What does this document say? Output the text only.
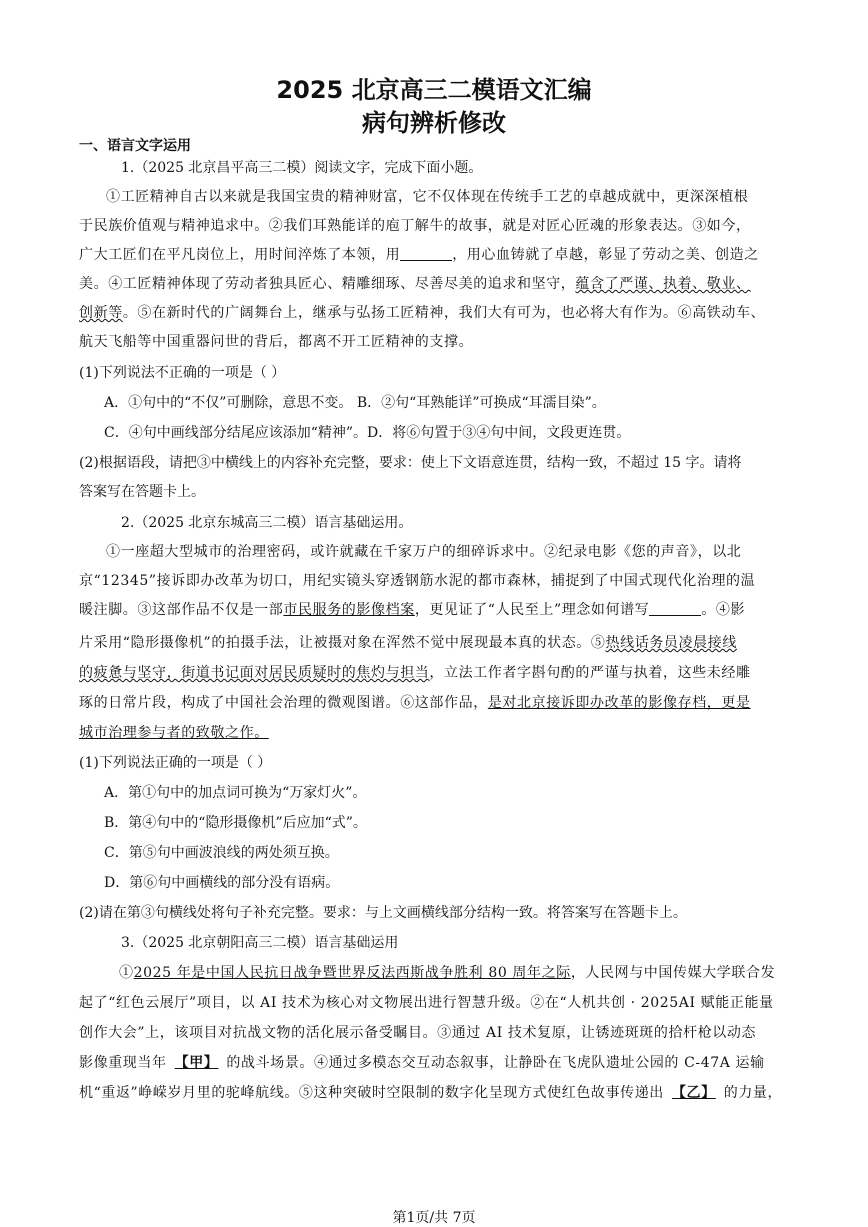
2025 北京高三二模语文汇编
病句辨析修改
一、语言文字运用
1.（2025 北京昌平高三二模）阅读文字，完成下面小题。
①工匠精神自古以来就是我国宝贵的精神财富，它不仅体现在传统手工艺的卓越成就中，更深深植根
于民族价值观与精神追求中。②我们耳熟能详的庖丁解牛的故事，就是对匠心匠魂的形象表达。③如今，
广大工匠们在平凡岗位上，用时间淬炼了本领，用	，用心血铸就了卓越，彰显了劳动之美、创造之
美。④工匠精神体现了劳动者独具匠心、精雕细琢、尽善尽美的追求和坚守，蕴含了严谨、执着、敬业、
创新等。⑤在新时代的广阔舞台上，继承与弘扬工匠精神，我们大有可为，也必将大有作为。⑥高铁动车、
航天飞船等中国重器问世的背后，都离不开工匠精神的支撑。
(1)下列说法不正确的一项是（ ）
A．①句中的“不仅”可删除，意思不变。 B．②句“耳熟能详”可换成“耳濡目染”。
C．④句中画线部分结尾应该添加“精神”。D．将⑥句置于③④句中间，文段更连贯。
(2)根据语段，请把③中横线上的内容补充完整，要求：使上下文语意连贯，结构一致，不超过 15 字。请将
答案写在答题卡上。
2.（2025 北京东城高三二模）语言基础运用。
①一座超大型城市的治理密码，或许就藏在千家万户的细碎诉求中。②纪录电影《您的声音》，以北
京“12345”接诉即办改革为切口，用纪实镜头穿透钢筋水泥的都市森林，捕捉到了中国式现代化治理的温
暖注脚。③这部作品不仅是一部市民服务的影像档案，更见证了“人民至上”理念如何谱写	。④影
片采用“隐形摄像机”的拍摄手法，让被摄对象在浑然不觉中展现最本真的状态。⑤热线话务员凌晨接线
的疲惫与坚守，街道书记面对居民质疑时的焦灼与担当，立法工作者字斟句酌的严谨与执着，这些未经雕
琢的日常片段，构成了中国社会治理的微观图谱。⑥这部作品，是对北京接诉即办改革的影像存档，更是
城市治理参与者的致敬之作。
(1)下列说法正确的一项是（ ）
A．第①句中的加点词可换为“万家灯火”。
B．第④句中的“隐形摄像机”后应加“式”。
C．第⑤句中画波浪线的两处须互换。
D．第⑥句中画横线的部分没有语病。
(2)请在第③句横线处将句子补充完整。要求：与上文画横线部分结构一致。将答案写在答题卡上。
3.（2025 北京朝阳高三二模）语言基础运用
①2025 年是中国人民抗日战争暨世界反法西斯战争胜利 80 周年之际，人民网与中国传媒大学联合发
起了“红色云展厅”项目，以 AI 技术为核心对文物展出进行智慧升级。②在“人机共创 · 2025AI 赋能正能量
创作大会”上，该项目对抗战文物的活化展示备受瞩目。③通过 AI 技术复原，让锈迹斑斑的拾杆枪以动态
影像重现当年 【甲】 的战斗场景。④通过多模态交互动态叙事，让静卧在飞虎队遗址公园的 C-47A 运输
机“重返”峥嵘岁月里的驼峰航线。⑤这种突破时空限制的数字化呈现方式使红色故事传递出 【乙】 的力量，
第1页/共 7页
